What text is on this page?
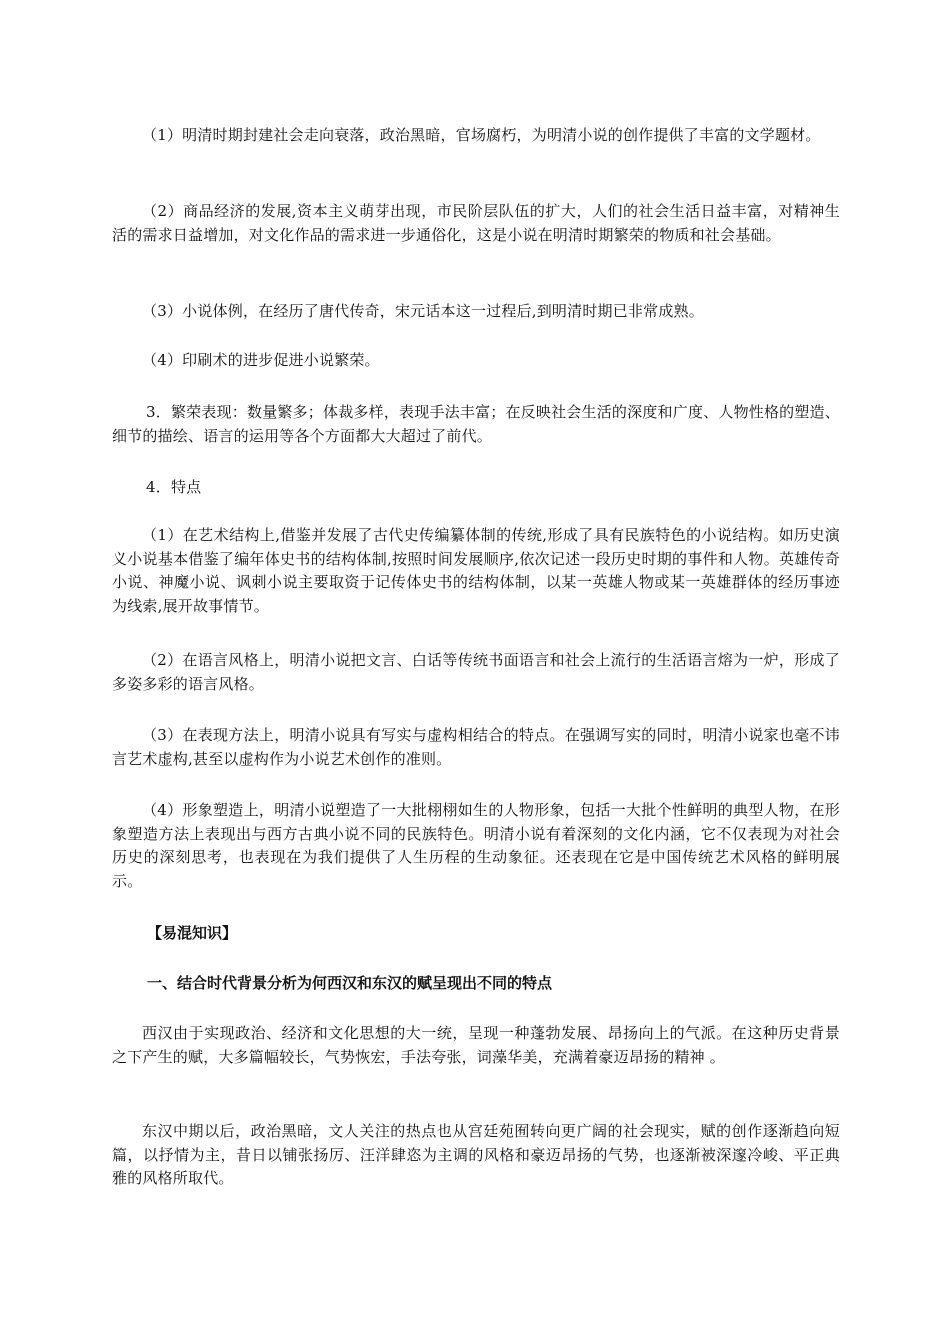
（1）明清时期封建社会走向衰落，政治黑暗，官场腐朽，为明清小说的创作提供了丰富的文学题材。

（2）商品经济的发展,资本主义萌芽出现，市民阶层队伍的扩大，人们的社会生活日益丰富，对精神生活的需求日益增加，对文化作品的需求进一步通俗化，这是小说在明清时期繁荣的物质和社会基础。

（3）小说体例，在经历了唐代传奇，宋元话本这一过程后,到明清时期已非常成熟。

（4）印刷术的进步促进小说繁荣。

3．繁荣表现：数量繁多；体裁多样，表现手法丰富；在反映社会生活的深度和广度、人物性格的塑造、细节的描绘、语言的运用等各个方面都大大超过了前代。

4．特点

（1）在艺术结构上,借鉴并发展了古代史传编纂体制的传统,形成了具有民族特色的小说结构。如历史演义小说基本借鉴了编年体史书的结构体制,按照时间发展顺序,依次记述一段历史时期的事件和人物。英雄传奇小说、神魔小说、讽刺小说主要取资于记传体史书的结构体制，以某一英雄人物或某一英雄群体的经历事迹为线索,展开故事情节。

（2）在语言风格上，明清小说把文言、白话等传统书面语言和社会上流行的生活语言熔为一炉，形成了多姿多彩的语言风格。

（3）在表现方法上，明清小说具有写实与虚构相结合的特点。在强调写实的同时，明清小说家也毫不讳言艺术虚构,甚至以虚构作为小说艺术创作的准则。

（4）形象塑造上，明清小说塑造了一大批栩栩如生的人物形象，包括一大批个性鲜明的典型人物，在形象塑造方法上表现出与西方古典小说不同的民族特色。明清小说有着深刻的文化内涵，它不仅表现为对社会历史的深刻思考，也表现在为我们提供了人生历程的生动象征。还表现在它是中国传统艺术风格的鲜明展示。

【易混知识】

一、结合时代背景分析为何西汉和东汉的赋呈现出不同的特点

西汉由于实现政治、经济和文化思想的大一统，呈现一种蓬勃发展、昂扬向上的气派。在这种历史背景之下产生的赋，大多篇幅较长，气势恢宏，手法夸张，词藻华美，充满着豪迈昂扬的精神 。

东汉中期以后，政治黑暗，文人关注的热点也从宫廷苑囿转向更广阔的社会现实，赋的创作逐渐趋向短篇，以抒情为主，昔日以铺张扬厉、汪洋肆恣为主调的风格和豪迈昂扬的气势，也逐渐被深邃冷峻、平正典雅的风格所取代。
